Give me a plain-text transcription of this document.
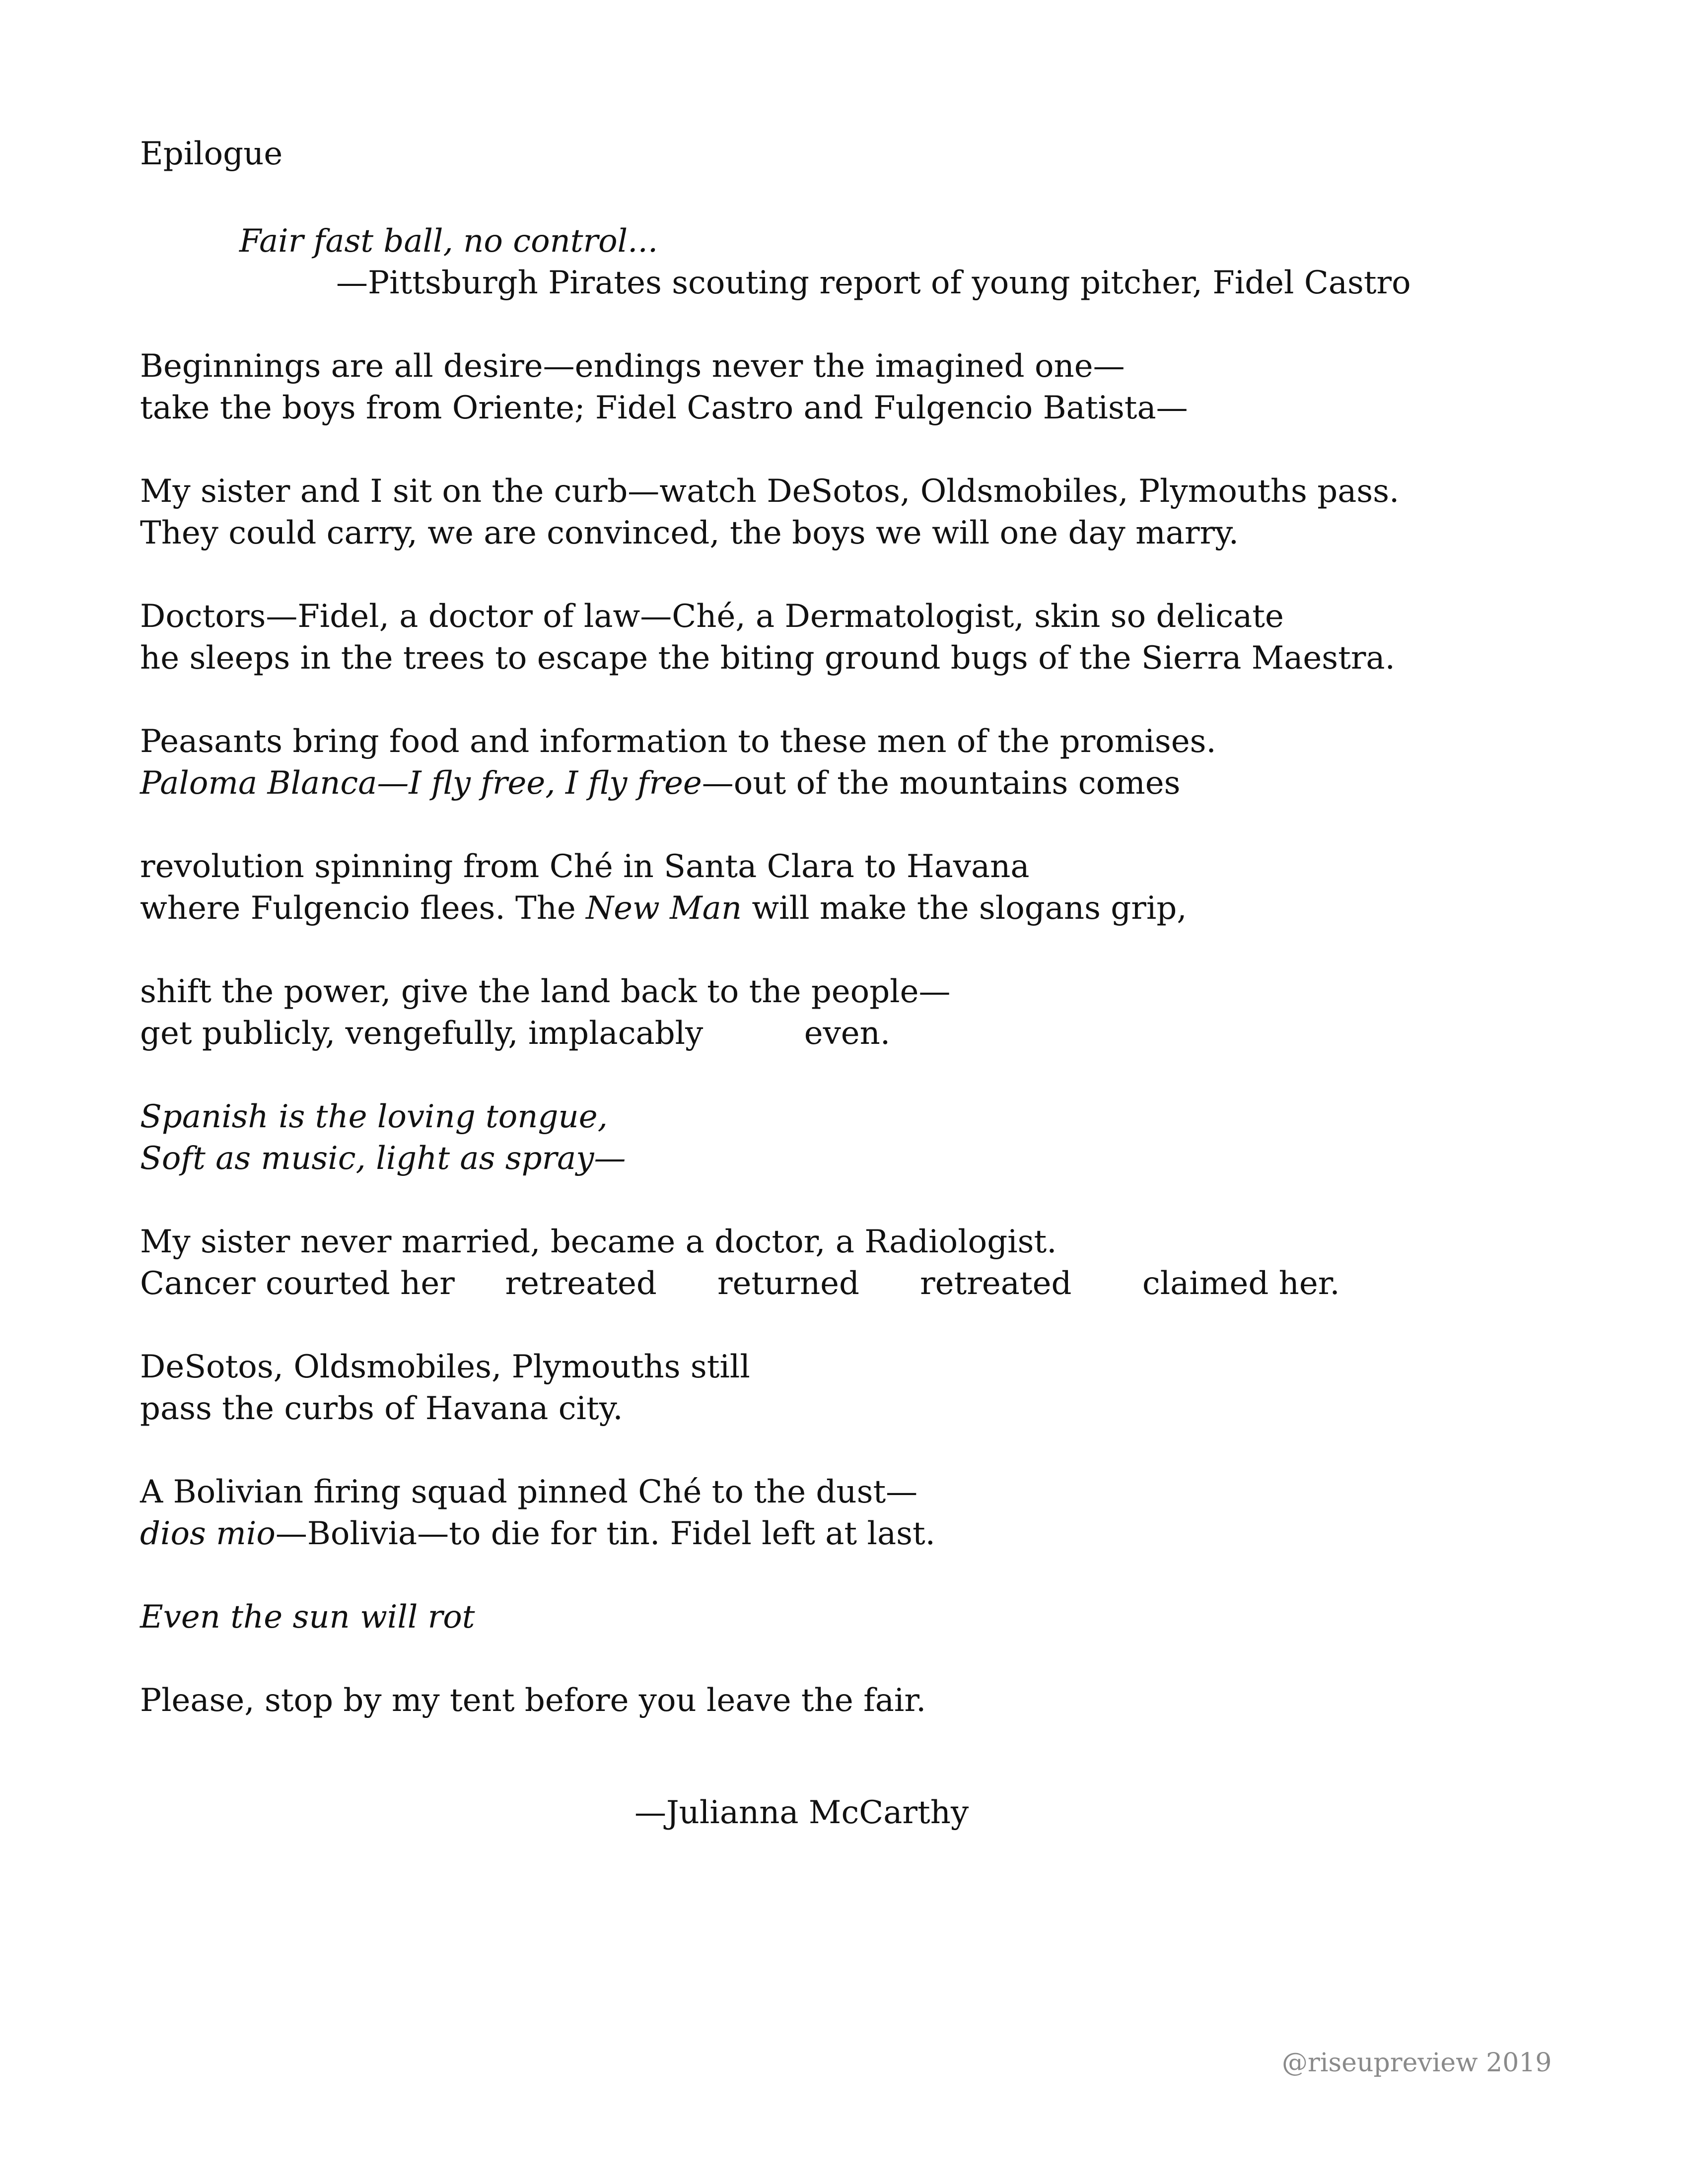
Epilogue
Fair fast ball, no control...
—Pittsburgh Pirates scouting report of young pitcher, Fidel Castro
Beginnings are all desire—endings never the imagined one—
take the boys from Oriente; Fidel Castro and Fulgencio Batista—
My sister and I sit on the curb—watch DeSotos, Oldsmobiles, Plymouths pass.
They could carry, we are convinced, the boys we will one day marry.
Doctors—Fidel, a doctor of law—Ché, a Dermatologist, skin so delicate
he sleeps in the trees to escape the biting ground bugs of the Sierra Maestra.
Peasants bring food and information to these men of the promises.
Paloma Blanca—I fly free, I fly free—out of the mountains comes
revolution spinning from Ché in Santa Clara to Havana
where Fulgencio flees. The New Man will make the slogans grip,
shift the power, give the land back to the people—
get publicly, vengefully, implacably          even.
Spanish is the loving tongue,
Soft as music, light as spray—
My sister never married, became a doctor, a Radiologist.
Cancer courted her     retreated      returned      retreated       claimed her.
DeSotos, Oldsmobiles, Plymouths still
pass the curbs of Havana city.
A Bolivian firing squad pinned Ché to the dust—
dios mio—Bolivia—to die for tin. Fidel left at last.
Even the sun will rot
Please, stop by my tent before you leave the fair.
—Julianna McCarthy
@riseupreview 2019
